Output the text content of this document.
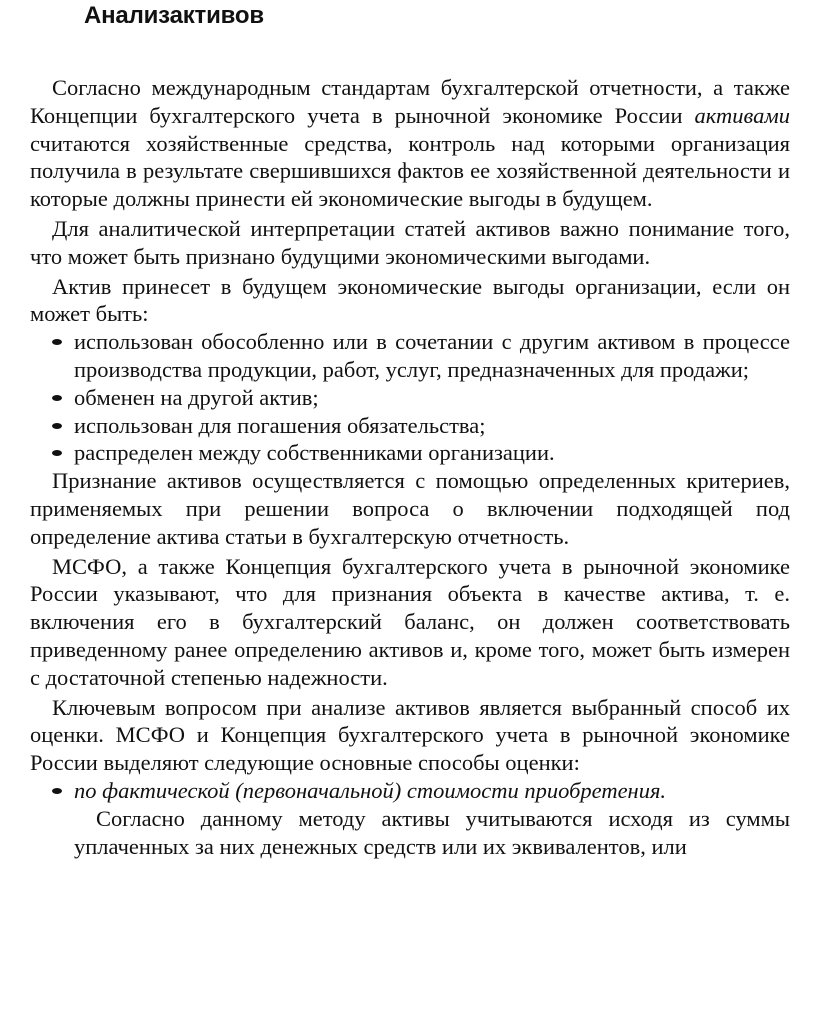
Анализактивов

Согласно международным стандартам бухгалтерской отчетности, а также Концепции бухгалтерского учета в рыночной экономике России активами считаются хозяйственные средства, контроль над которыми организация получила в результате свершившихся фактов ее хозяйственной деятельности и которые должны принести ей экономические выгоды в будущем.

Для аналитической интерпретации статей активов важно понимание того, что может быть признано будущими экономическими выгодами.

Актив принесет в будущем экономические выгоды организации, если он может быть:

использован обособленно или в сочетании с другим активом в процессе производства продукции, работ, услуг, предназначенных для продажи;
обменен на другой актив;
использован для погашения обязательства;
распределен между собственниками организации.

Признание активов осуществляется с помощью определенных критериев, применяемых при решении вопроса о включении подходящей под определение актива статьи в бухгалтерскую отчетность.

МСФО, а также Концепция бухгалтерского учета в рыночной экономике России указывают, что для признания объекта в качестве актива, т. е. включения его в бухгалтерский баланс, он должен соответствовать приведенному ранее определению активов и, кроме того, может быть измерен с достаточной степенью надежности.

Ключевым вопросом при анализе активов является выбранный способ их оценки. МСФО и Концепция бухгалтерского учета в рыночной экономике России выделяют следующие основные способы оценки:

по фактической (первоначальной) стоимости приобретения.

Согласно данному методу активы учитываются исходя из суммы уплаченных за них денежных средств или их эквивалентов, или
